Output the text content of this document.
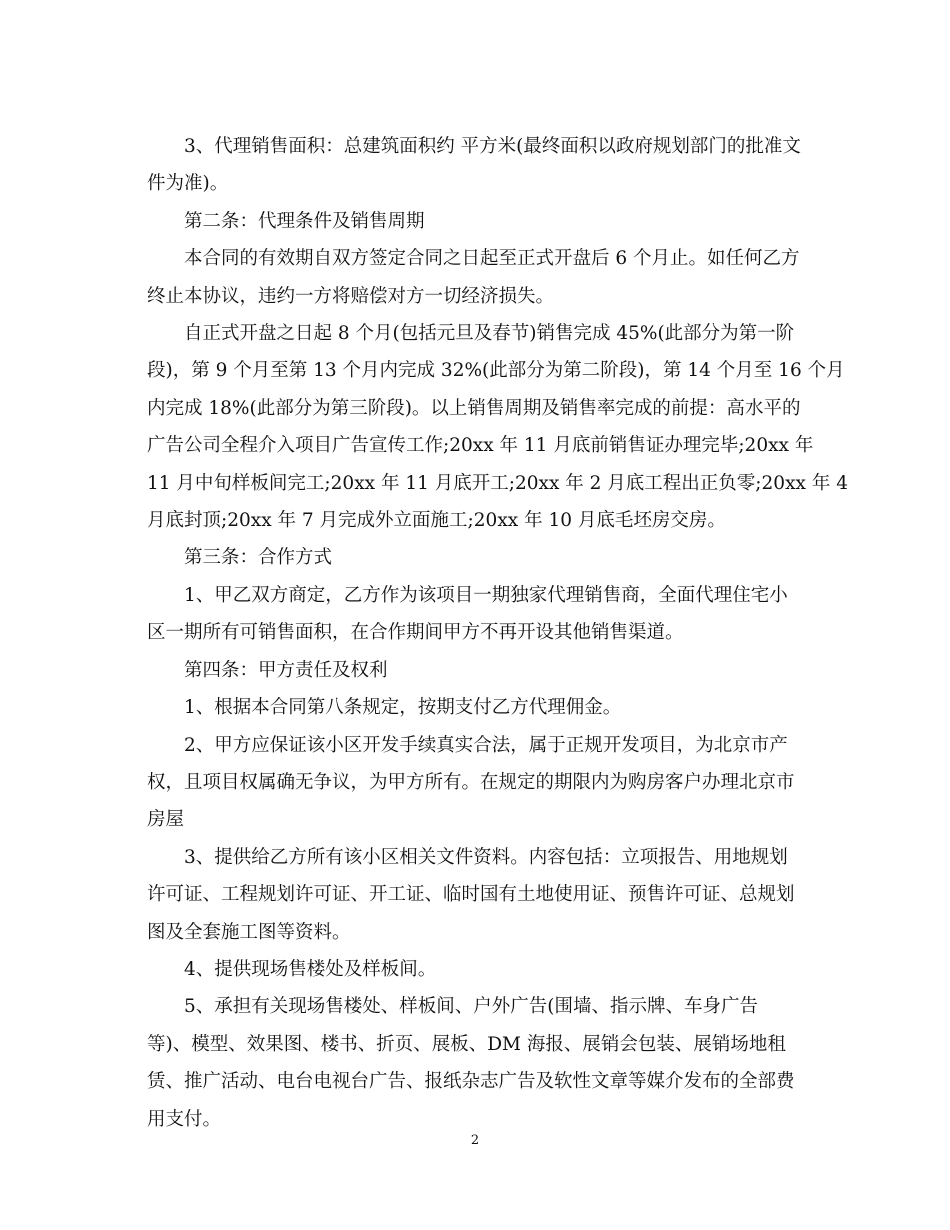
3、代理销售面积：总建筑面积约 平方米(最终面积以政府规划部门的批准文
件为准)。

第二条：代理条件及销售周期

本合同的有效期自双方签定合同之日起至正式开盘后 6 个月止。如任何乙方
终止本协议，违约一方将赔偿对方一切经济损失。

自正式开盘之日起 8 个月(包括元旦及春节)销售完成 45%(此部分为第一阶
段)，第 9 个月至第 13 个月内完成 32%(此部分为第二阶段)，第 14 个月至 16 个月
内完成 18%(此部分为第三阶段)。以上销售周期及销售率完成的前提：高水平的
广告公司全程介入项目广告宣传工作;20xx 年 11 月底前销售证办理完毕;20xx 年
11 月中旬样板间完工;20xx 年 11 月底开工;20xx 年 2 月底工程出正负零;20xx 年 4
月底封顶;20xx 年 7 月完成外立面施工;20xx 年 10 月底毛坯房交房。

第三条：合作方式

1、甲乙双方商定，乙方作为该项目一期独家代理销售商，全面代理住宅小
区一期所有可销售面积，在合作期间甲方不再开设其他销售渠道。

第四条：甲方责任及权利

1、根据本合同第八条规定，按期支付乙方代理佣金。

2、甲方应保证该小区开发手续真实合法，属于正规开发项目，为北京市产
权，且项目权属确无争议，为甲方所有。在规定的期限内为购房客户办理北京市
房屋

3、提供给乙方所有该小区相关文件资料。内容包括：立项报告、用地规划
许可证、工程规划许可证、开工证、临时国有土地使用证、预售许可证、总规划
图及全套施工图等资料。

4、提供现场售楼处及样板间。

5、承担有关现场售楼处、样板间、户外广告(围墙、指示牌、车身广告
等)、模型、效果图、楼书、折页、展板、DM 海报、展销会包装、展销场地租
赁、推广活动、电台电视台广告、报纸杂志广告及软性文章等媒介发布的全部费
用支付。

2
